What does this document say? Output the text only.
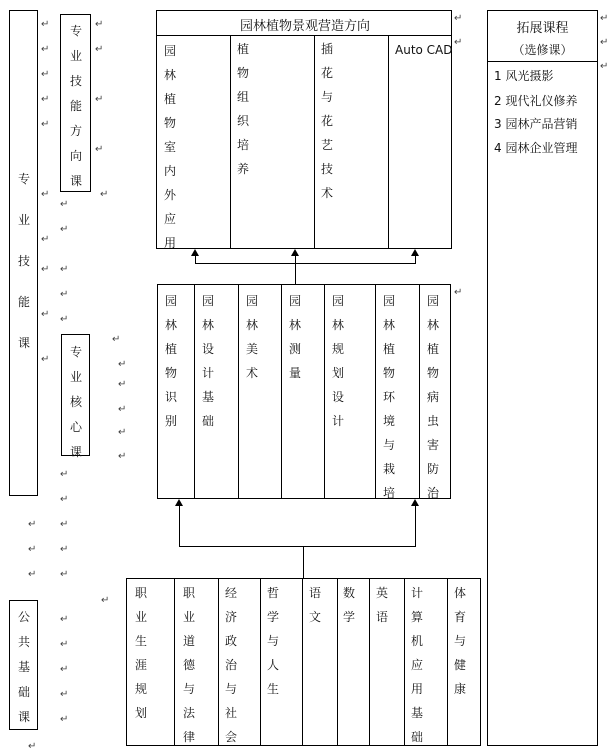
专业技能课
专业技能方向课
专业核心课
公共基础课
园林植物景观营造方向
园林植物室内外应用
植物组织培养
插花与花艺技术
Auto CAD
园林植物识别
园林设计基础
园林美术
园林测量
园林规划设计
园林植物环境与栽培
园林植物病虫害防治
职业生涯规划
职业道德与法律
经济政治与社会
哲学与人生
语文
数学
英语
计算机应用基础
体育与健康
拓展课程
（选修课）
1 风光摄影
2 现代礼仪修养
3 园林产品营销
4 园林企业管理
↵
↵
↵
↵
↵
↵
↵
↵
↵
↵
↵
↵
↵
↵
↵
↵
↵
↵
↵
↵
↵
↵
↵
↵
↵
↵
↵
↵
↵
↵
↵
↵
↵
↵
↵
↵
↵
↵
↵
↵
↵
↵
↵
↵
↵
↵
↵
